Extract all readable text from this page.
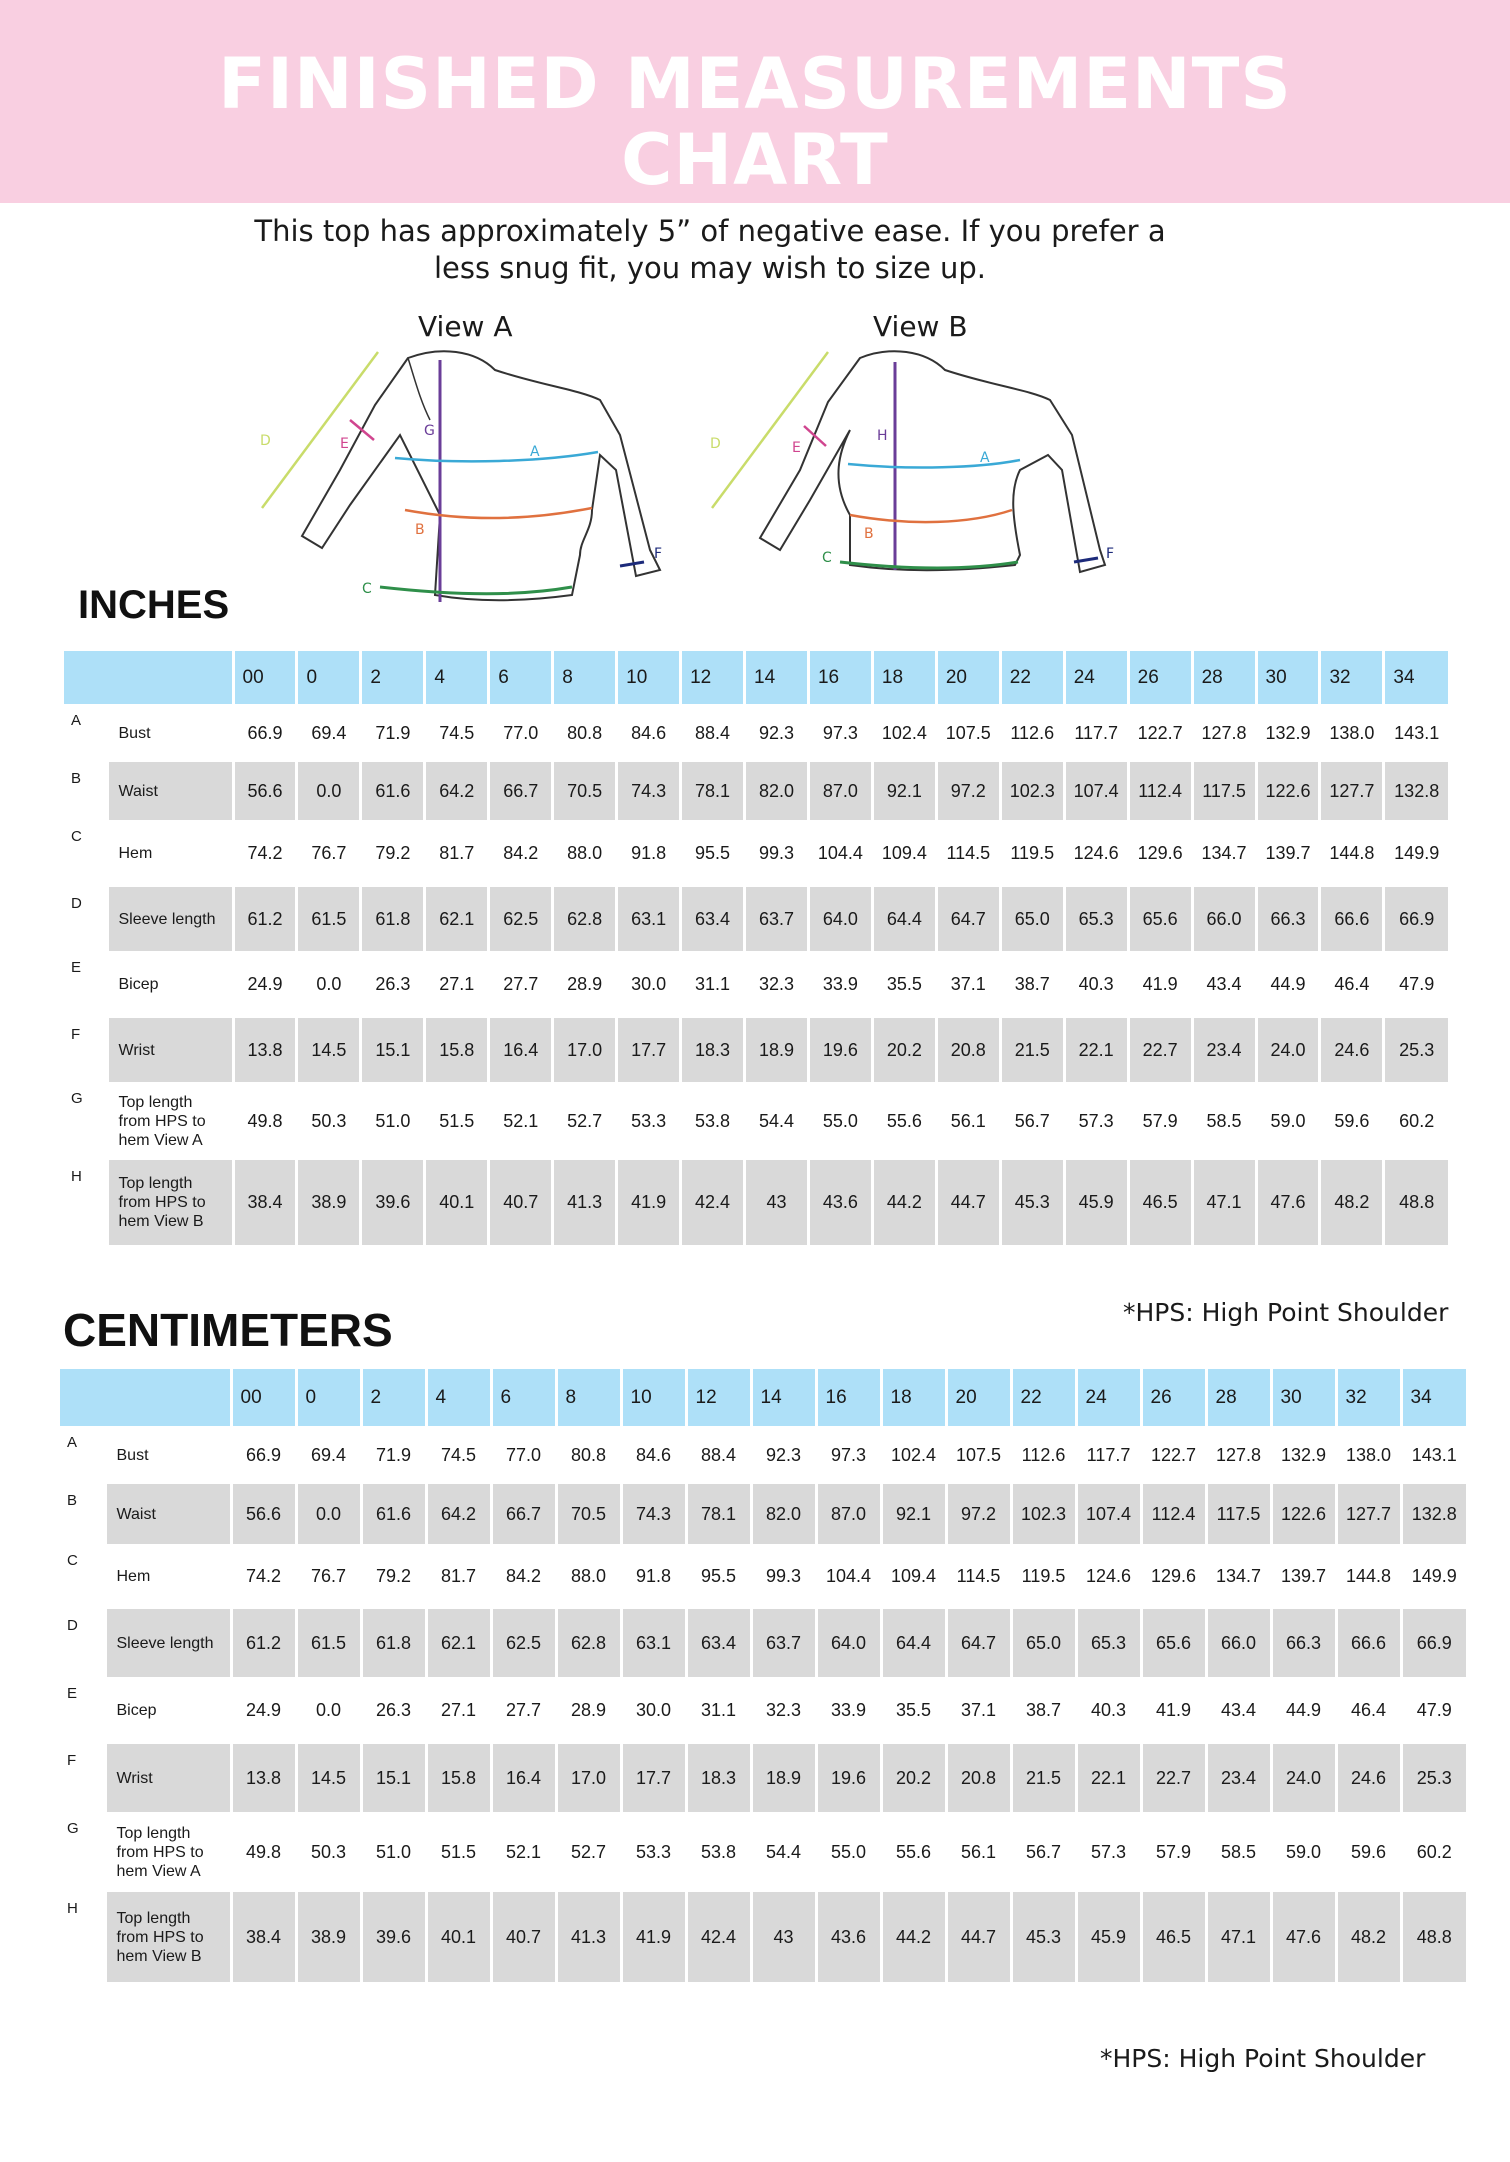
FINISHED MEASUREMENTS
CHART
This top has approximately 5” of negative ease. If you prefer a
less snug fit, you may wish to size up.
View A	View B
D	E
G
A
B
C
F
D	E
H
A
B
C	F
INCHES
		00	0	2	4	6	8	10	12	14	16	18	20	22	24	26	28	30	32	34
A	Bust	66.9	69.4	71.9	74.5	77.0	80.8	84.6	88.4	92.3	97.3	102.4	107.5	112.6	117.7	122.7	127.8	132.9	138.0	143.1
B	Waist	56.6	0.0	61.6	64.2	66.7	70.5	74.3	78.1	82.0	87.0	92.1	97.2	102.3	107.4	112.4	117.5	122.6	127.7	132.8
C	Hem	74.2	76.7	79.2	81.7	84.2	88.0	91.8	95.5	99.3	104.4	109.4	114.5	119.5	124.6	129.6	134.7	139.7	144.8	149.9
D	Sleeve length	61.2	61.5	61.8	62.1	62.5	62.8	63.1	63.4	63.7	64.0	64.4	64.7	65.0	65.3	65.6	66.0	66.3	66.6	66.9
E	Bicep	24.9	0.0	26.3	27.1	27.7	28.9	30.0	31.1	32.3	33.9	35.5	37.1	38.7	40.3	41.9	43.4	44.9	46.4	47.9
F	Wrist	13.8	14.5	15.1	15.8	16.4	17.0	17.7	18.3	18.9	19.6	20.2	20.8	21.5	22.1	22.7	23.4	24.0	24.6	25.3
G	Top length
from HPS to
hem View A	49.8	50.3	51.0	51.5	52.1	52.7	53.3	53.8	54.4	55.0	55.6	56.1	56.7	57.3	57.9	58.5	59.0	59.6	60.2
H	Top length
from HPS to
hem View B	38.4	38.9	39.6	40.1	40.7	41.3	41.9	42.4	43	43.6	44.2	44.7	45.3	45.9	46.5	47.1	47.6	48.2	48.8
CENTIMETERS	*HPS: High Point Shoulder
		00	0	2	4	6	8	10	12	14	16	18	20	22	24	26	28	30	32	34
A	Bust	66.9	69.4	71.9	74.5	77.0	80.8	84.6	88.4	92.3	97.3	102.4	107.5	112.6	117.7	122.7	127.8	132.9	138.0	143.1
B	Waist	56.6	0.0	61.6	64.2	66.7	70.5	74.3	78.1	82.0	87.0	92.1	97.2	102.3	107.4	112.4	117.5	122.6	127.7	132.8
C	Hem	74.2	76.7	79.2	81.7	84.2	88.0	91.8	95.5	99.3	104.4	109.4	114.5	119.5	124.6	129.6	134.7	139.7	144.8	149.9
D	Sleeve length	61.2	61.5	61.8	62.1	62.5	62.8	63.1	63.4	63.7	64.0	64.4	64.7	65.0	65.3	65.6	66.0	66.3	66.6	66.9
E	Bicep	24.9	0.0	26.3	27.1	27.7	28.9	30.0	31.1	32.3	33.9	35.5	37.1	38.7	40.3	41.9	43.4	44.9	46.4	47.9
F	Wrist	13.8	14.5	15.1	15.8	16.4	17.0	17.7	18.3	18.9	19.6	20.2	20.8	21.5	22.1	22.7	23.4	24.0	24.6	25.3
G	Top length
from HPS to
hem View A	49.8	50.3	51.0	51.5	52.1	52.7	53.3	53.8	54.4	55.0	55.6	56.1	56.7	57.3	57.9	58.5	59.0	59.6	60.2
H	Top length
from HPS to
hem View B	38.4	38.9	39.6	40.1	40.7	41.3	41.9	42.4	43	43.6	44.2	44.7	45.3	45.9	46.5	47.1	47.6	48.2	48.8
*HPS: High Point Shoulder
